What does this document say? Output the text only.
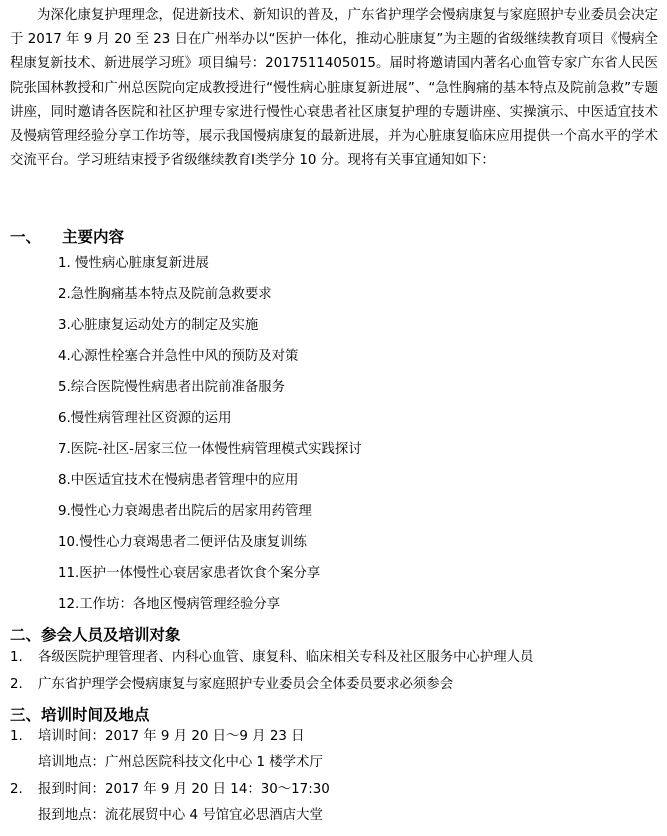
为深化康复护理理念，促进新技术、新知识的普及，广东省护理学会慢病康复与家庭照护专业委员会决定于 2017 年 9 月 20 至 23 日在广州举办以“医护一体化，推动心脏康复”为主题的省级继续教育项目《慢病全程康复新技术、新进展学习班》项目编号：2017511405015。届时将邀请国内著名心血管专家广东省人民医院张国林教授和广州总医院向定成教授进行“慢性病心脏康复新进展”、“急性胸痛的基本特点及院前急救”专题讲座，同时邀请各医院和社区护理专家进行慢性心衰患者社区康复护理的专题讲座、实操演示、中医适宜技术及慢病管理经验分享工作坊等，展示我国慢病康复的最新进展，并为心脏康复临床应用提供一个高水平的学术交流平台。学习班结束授予省级继续教育Ⅰ类学分 10 分。现将有关事宜通知如下：

一、 主要内容
1. 慢性病心脏康复新进展
2.急性胸痛基本特点及院前急救要求
3.心脏康复运动处方的制定及实施
4.心源性栓塞合并急性中风的预防及对策
5.综合医院慢性病患者出院前准备服务
6.慢性病管理社区资源的运用
7.医院-社区-居家三位一体慢性病管理模式实践探讨
8.中医适宜技术在慢病患者管理中的应用
9.慢性心力衰竭患者出院后的居家用药管理
10.慢性心力衰竭患者二便评估及康复训练
11.医护一体慢性心衰居家患者饮食个案分享
12.工作坊：各地区慢病管理经验分享
二、参会人员及培训对象
1. 各级医院护理管理者、内科心血管、康复科、临床相关专科及社区服务中心护理人员
2. 广东省护理学会慢病康复与家庭照护专业委员会全体委员要求必须参会
三、培训时间及地点
1. 培训时间：2017 年 9 月 20 日～9 月 23 日
培训地点：广州总医院科技文化中心 1 楼学术厅
2. 报到时间：2017 年 9 月 20 日 14：30～17:30
报到地点：流花展贸中心 4 号馆宜必思酒店大堂
